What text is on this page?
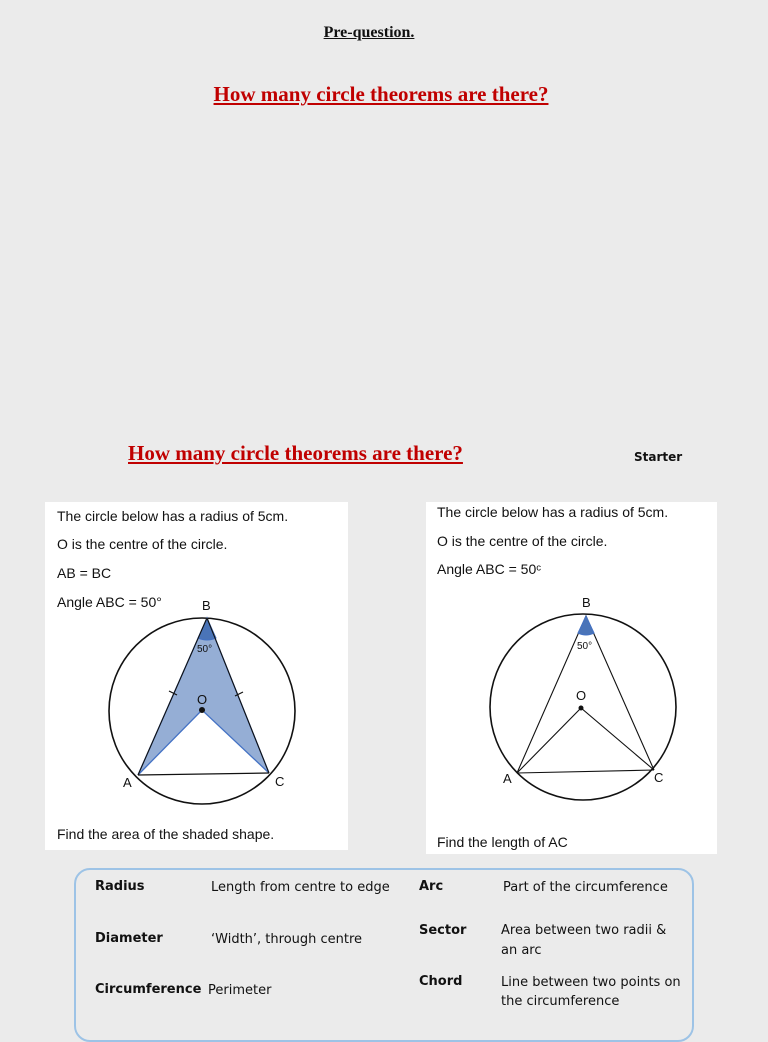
Pre-question.
How many circle theorems are there?
How many circle theorems are there?	Starter
The circle below has a radius of 5cm.
O is the centre of the circle.
AB = BC
Angle ABC = 50°	B
O
A	C
50°
Find the area of the shaded shape.
The circle below has a radius of 5cm.
O is the centre of the circle.
Angle ABC = 50ᶜ
B
O
A	C
50°
Find the length of AC
Radius	Length from centre to edge
Diameter	‘Width’, through centre
Circumference Perimeter
Arc	Part of the circumference
Sector	Area between two radii &
an arc
Chord	Line between two points on
the circumference
